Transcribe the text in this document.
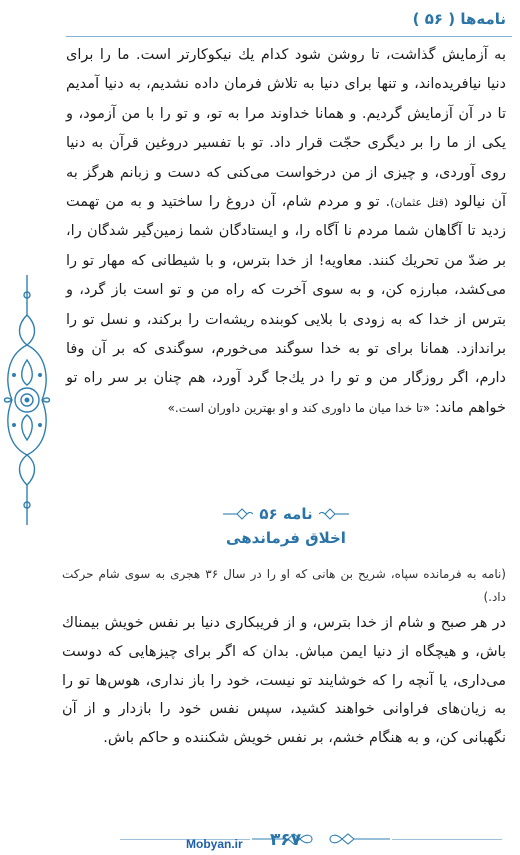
نامه‌ها ( ۵۶ )
به آزمايش گذاشت، تا روشن شود كدام يك نيكوكارتر است. ما را براى دنيا نيافريده‌اند، و تنها براى دنيا به تلاش فرمان داده نشديم، به دنيا آمديم تا در آن آزمايش گرديم. و همانا خداوند مرا به تو، و تو را با من آزمود، و يكى از ما را بر ديگرى حجّت قرار داد. تو با تفسير دروغين قرآن به دنيا روى آوردى، و چيزى از من درخواست مى‌كنى كه دست و زبانم هرگز به آن نيالود (قتل عثمان). تو و مردم شام، آن دروغ را ساختيد و به من تهمت زديد تا آگاهان شما مردم نا آگاه را، و ايستادگان شما زمين‌گير شدگان را، بر ضدّ من تحريك كنند. معاويه! از خدا بترس، و با شيطانى كه مهار تو را مى‌كشد، مبارزه كن، و به سوى آخرت كه راه من و تو است باز گرد، و بترس از خدا كه به زودى با بلايى كوبنده ريشه‌ات را بركند، و نسل تو را براندازد. همانا براى تو به خدا سوگند مى‌خورم، سوگندى كه بر آن وفا دارم، اگر روزگار من و تو را در يك‌جا گرد آورد، هم چنان بر سر راه تو خواهم ماند: «تا خدا ميان ما داورى كند و او بهترين داوران است.»
نامه ۵۶
اخلاق فرماندهى
(نامه به فرمانده سپاه، شريح بن هانى كه او را در سال ۳۶ هجرى به سوى شام حركت داد.)
در هر صبح و شام از خدا بترس، و از فريبكارى دنيا بر نفس خويش بيمناك باش، و هيچگاه از دنيا ايمن مباش. بدان كه اگر براى چيزهايى كه دوست مى‌دارى، يا آنچه را كه خوشايند تو نيست، خود را باز ندارى، هوس‌ها تو را به زيان‌هاى فراوانى خواهند كشيد، سپس نفس خود را بازدار و از آن نگهبانى كن، و به هنگام خشم، بر نفس خويش شكننده و حاكم باش.
Mobyan.ir ۳۶۷
